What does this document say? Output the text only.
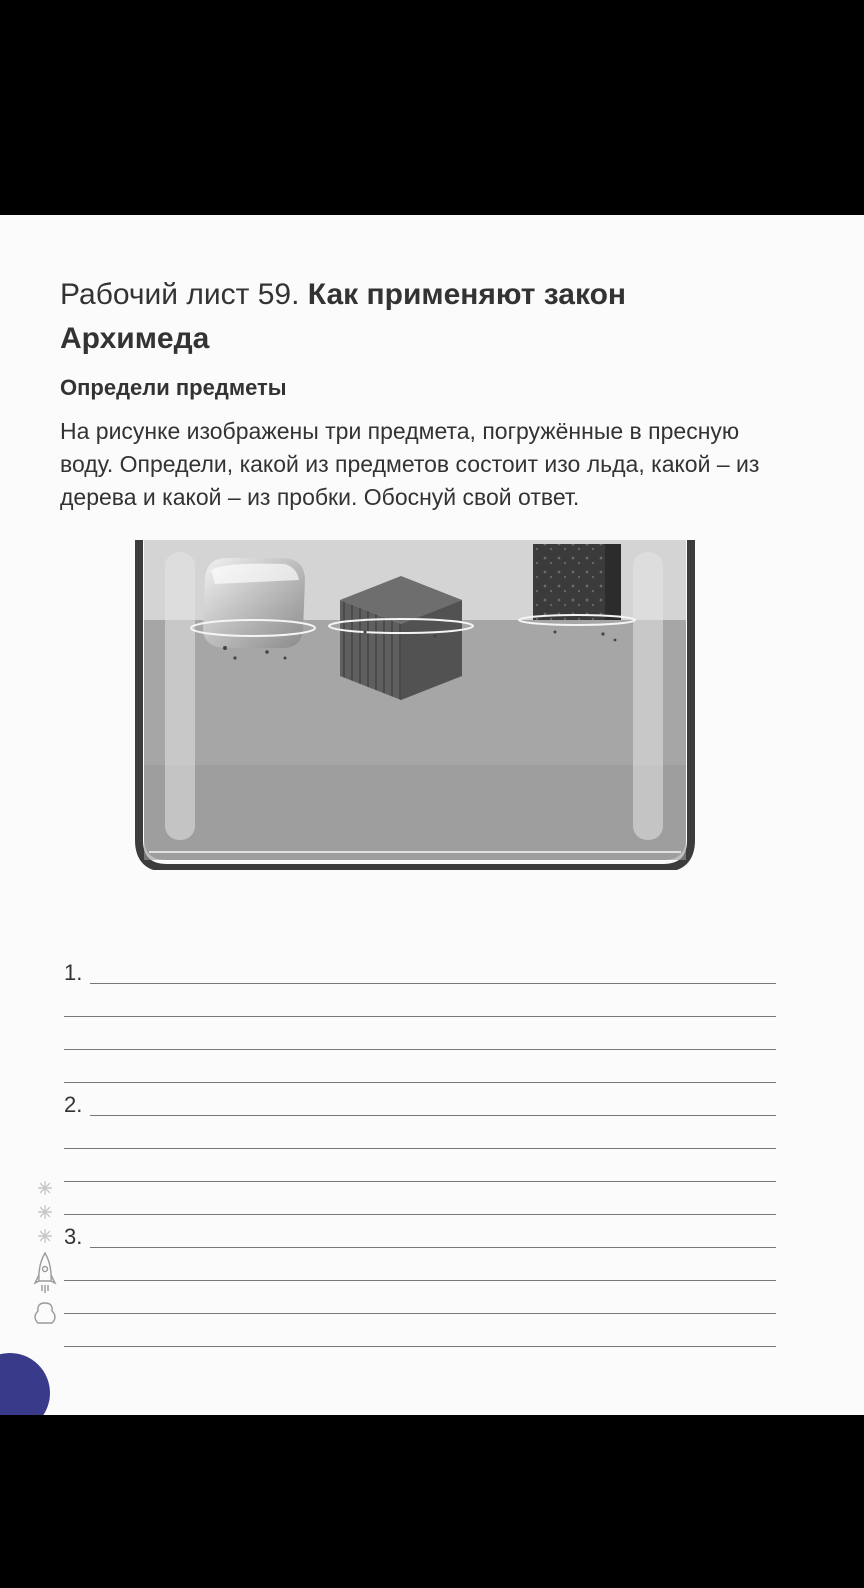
Рабочий лист 59. Как применяют закон
Архимеда
Определи предметы
На рисунке изображены три предмета, погружённые в пресную воду. Определи, какой из предметов состоит изо льда, какой – из дерева и какой – из пробки. Обоснуй свой ответ.
1.
2.
3.
